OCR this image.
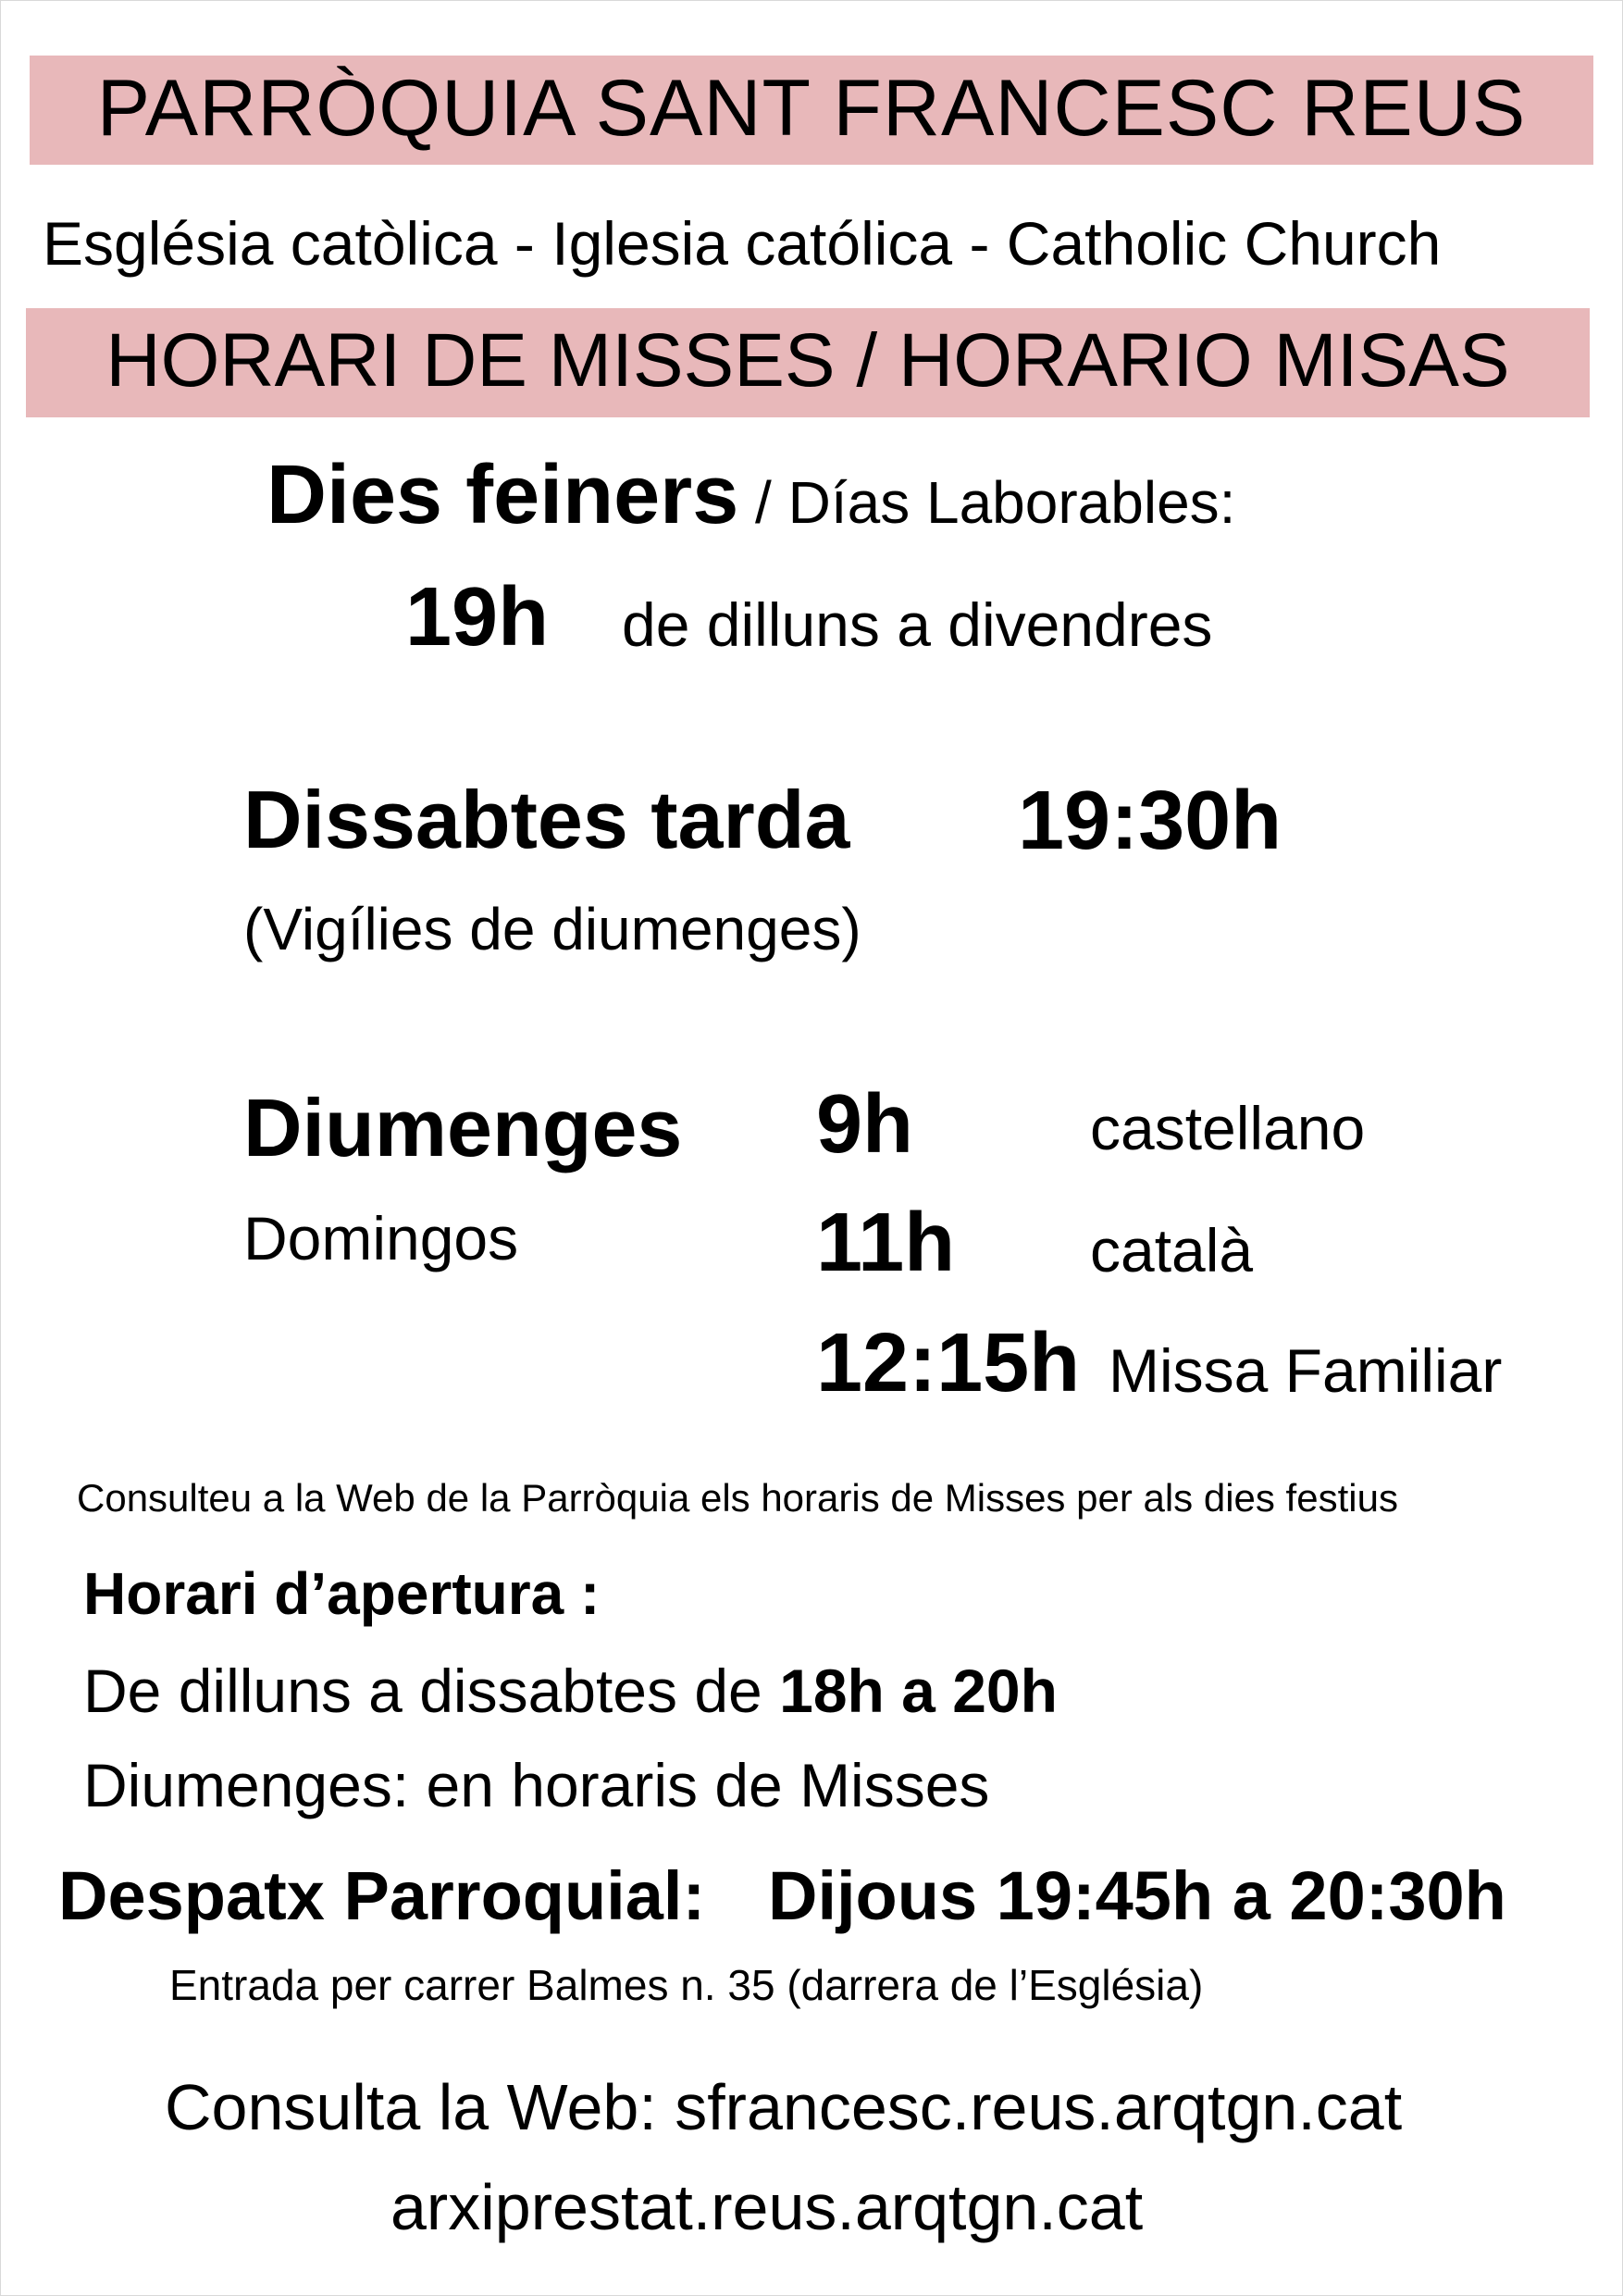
PARRÒQUIA SANT FRANCESC REUS
Església catòlica - Iglesia católica - Catholic Church
HORARI DE MISSES / HORARIO MISAS
Dies feiners / Días Laborables:
19h de dilluns a divendres
Dissabtes tarda 19:30h
(Vigílies de diumenges)
Diumenges
Domingos
9h	castellano
11h català
12:15h Missa Familiar
Consulteu a la Web de la Parròquia els horaris de Misses per als dies festius
Horari d’apertura :
De dilluns a dissabtes de 18h a 20h
Diumenges: en horaris de Misses
Despatx Parroquial: Dijous 19:45h a 20:30h
Entrada per carrer Balmes n. 35 (darrera de l’Església)
Consulta la Web: sfrancesc.reus.arqtgn.cat
arxiprestat.reus.arqtgn.cat
